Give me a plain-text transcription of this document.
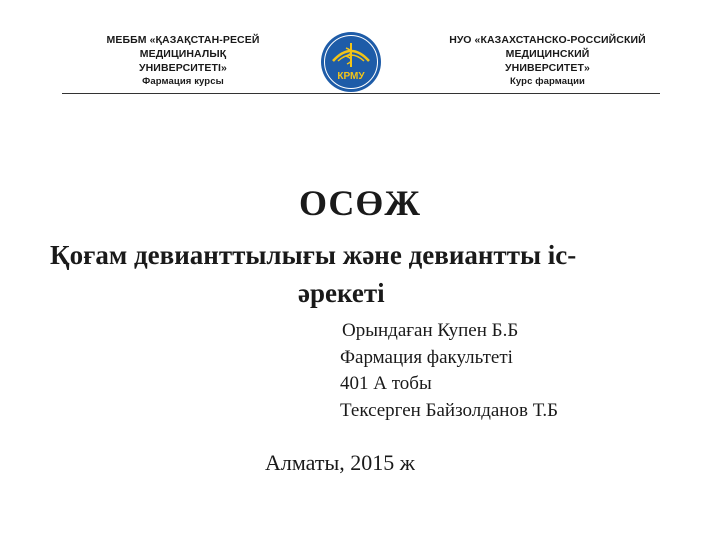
МЕББМ «ҚАЗАҚСТАН-РЕСЕЙ
МЕДИЦИНАЛЫҚ
УНИВЕРСИТЕТІ»
Фармация курсы	КРМУ
НУО «КАЗАХСТАНСКО-РОССИЙСКИЙ
МЕДИЦИНСКИЙ
УНИВЕРСИТЕТ»
Курс фармации
ОСӨЖ
Қоғам девианттылығы және девиантты іс-
әрекеті
Орындаған Купен Б.Б
Фармация факультеті
401 А тобы
Тексерген Байзолданов Т.Б
Алматы, 2015 ж
